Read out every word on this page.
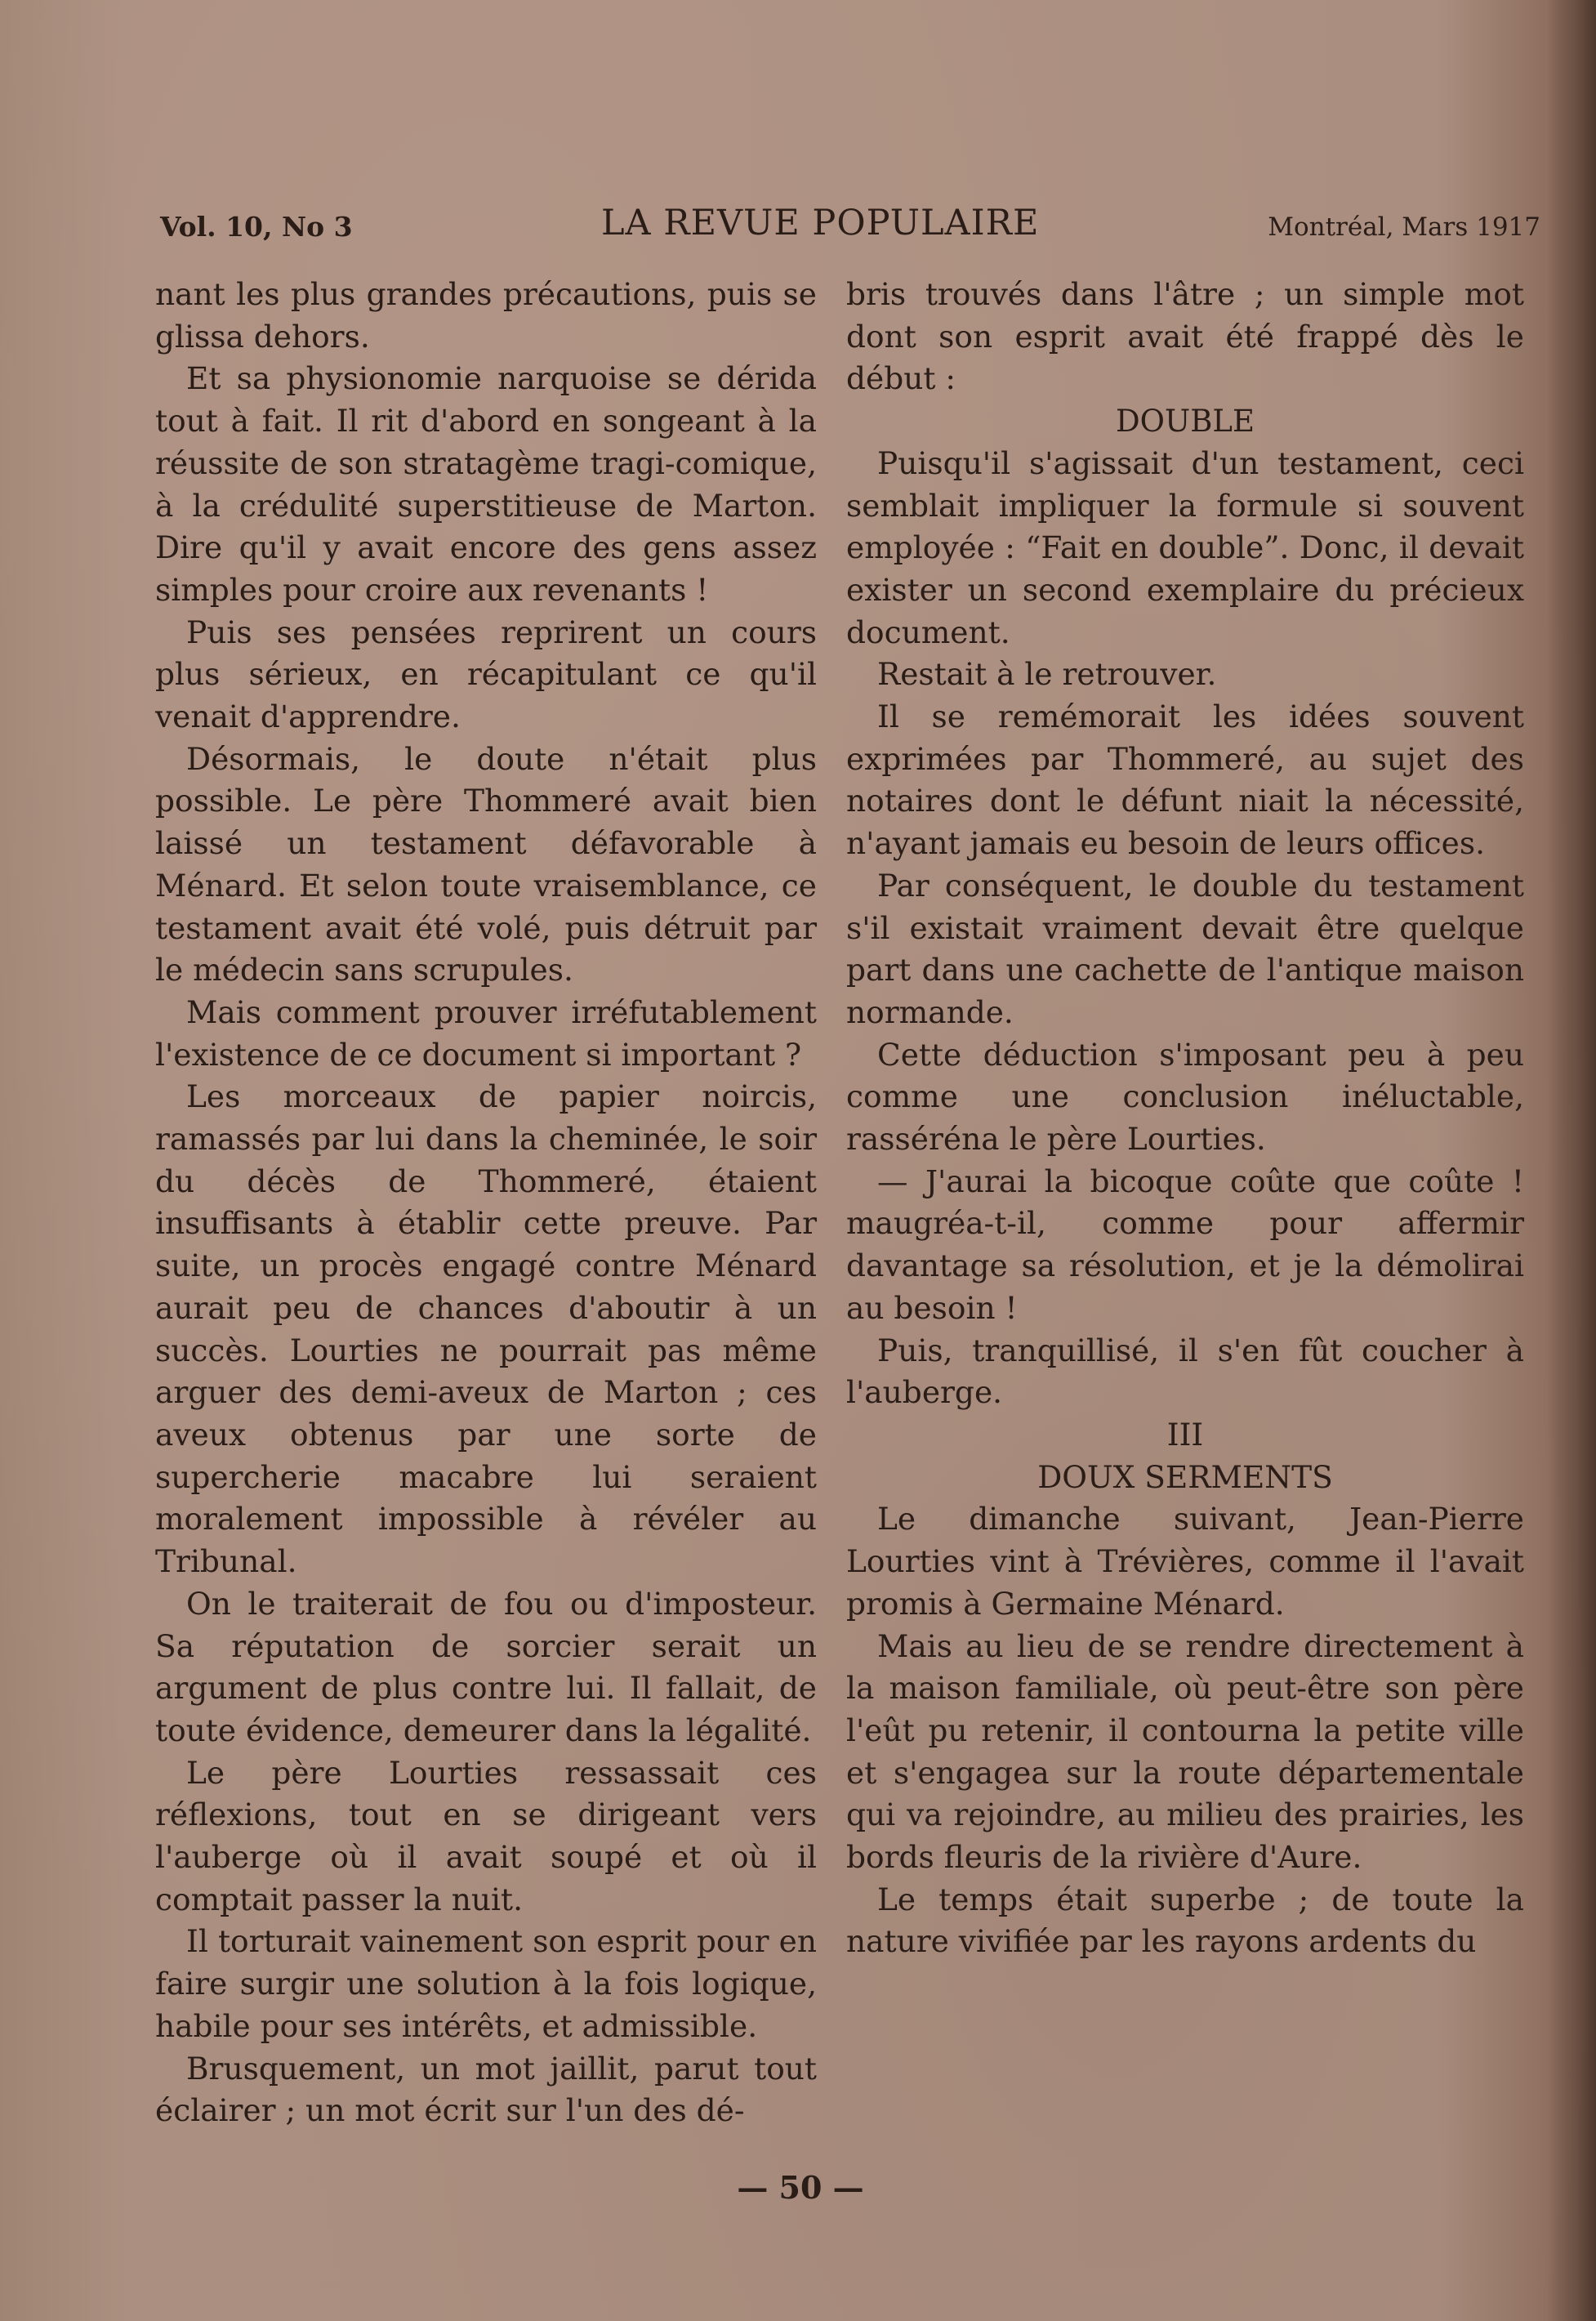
Vol. 10, No 3	LA REVUE POPULAIRE	Montréal, Mars 1917

nant les plus grandes précautions, puis se glissa dehors.

Et sa physionomie narquoise se dérida tout à fait. Il rit d'abord en songeant à la réussite de son stratagème tragi-comique, à la crédulité superstitieuse de Marton. Dire qu'il y avait encore des gens assez simples pour croire aux revenants !

Puis ses pensées reprirent un cours plus sérieux, en récapitulant ce qu'il venait d'apprendre.

Désormais, le doute n'était plus possible. Le père Thommeré avait bien laissé un testament défavorable à Ménard. Et selon toute vraisemblance, ce testament avait été volé, puis détruit par le médecin sans scrupules.

Mais comment prouver irréfutablement l'existence de ce document si important ?

Les morceaux de papier noircis, ramassés par lui dans la cheminée, le soir du décès de Thommeré, étaient insuffisants à établir cette preuve. Par suite, un procès engagé contre Ménard aurait peu de chances d'aboutir à un succès. Lourties ne pourrait pas même arguer des demi-aveux de Marton ; ces aveux obtenus par une sorte de supercherie macabre lui seraient moralement impossible à révéler au Tribunal.

On le traiterait de fou ou d'imposteur. Sa réputation de sorcier serait un argument de plus contre lui. Il fallait, de toute évidence, demeurer dans la légalité.

Le père Lourties ressassait ces réflexions, tout en se dirigeant vers l'auberge où il avait soupé et où il comptait passer la nuit.

Il torturait vainement son esprit pour en faire surgir une solution à la fois logique, habile pour ses intérêts, et admissible.

Brusquement, un mot jaillit, parut tout éclairer ; un mot écrit sur l'un des dé-

bris trouvés dans l'âtre ; un simple mot dont son esprit avait été frappé dès le début :

DOUBLE

Puisqu'il s'agissait d'un testament, ceci semblait impliquer la formule si souvent employée : “Fait en double”. Donc, il devait exister un second exemplaire du précieux document.

Restait à le retrouver.

Il se remémorait les idées souvent exprimées par Thommeré, au sujet des notaires dont le défunt niait la nécessité, n'ayant jamais eu besoin de leurs offices.

Par conséquent, le double du testament s'il existait vraiment devait être quelque part dans une cachette de l'antique maison normande.

Cette déduction s'imposant peu à peu comme une conclusion inéluctable, rasséréna le père Lourties.

— J'aurai la bicoque coûte que coûte ! maugréa-t-il, comme pour affermir davantage sa résolution, et je la démolirai au besoin !

Puis, tranquillisé, il s'en fût coucher à l'auberge.

III

DOUX SERMENTS

Le dimanche suivant, Jean-Pierre Lourties vint à Trévières, comme il l'avait promis à Germaine Ménard.

Mais au lieu de se rendre directement à la maison familiale, où peut-être son père l'eût pu retenir, il contourna la petite ville et s'engagea sur la route départementale qui va rejoindre, au milieu des prairies, les bords fleuris de la rivière d'Aure.

Le temps était superbe ; de toute la nature vivifiée par les rayons ardents du

— 50 —
